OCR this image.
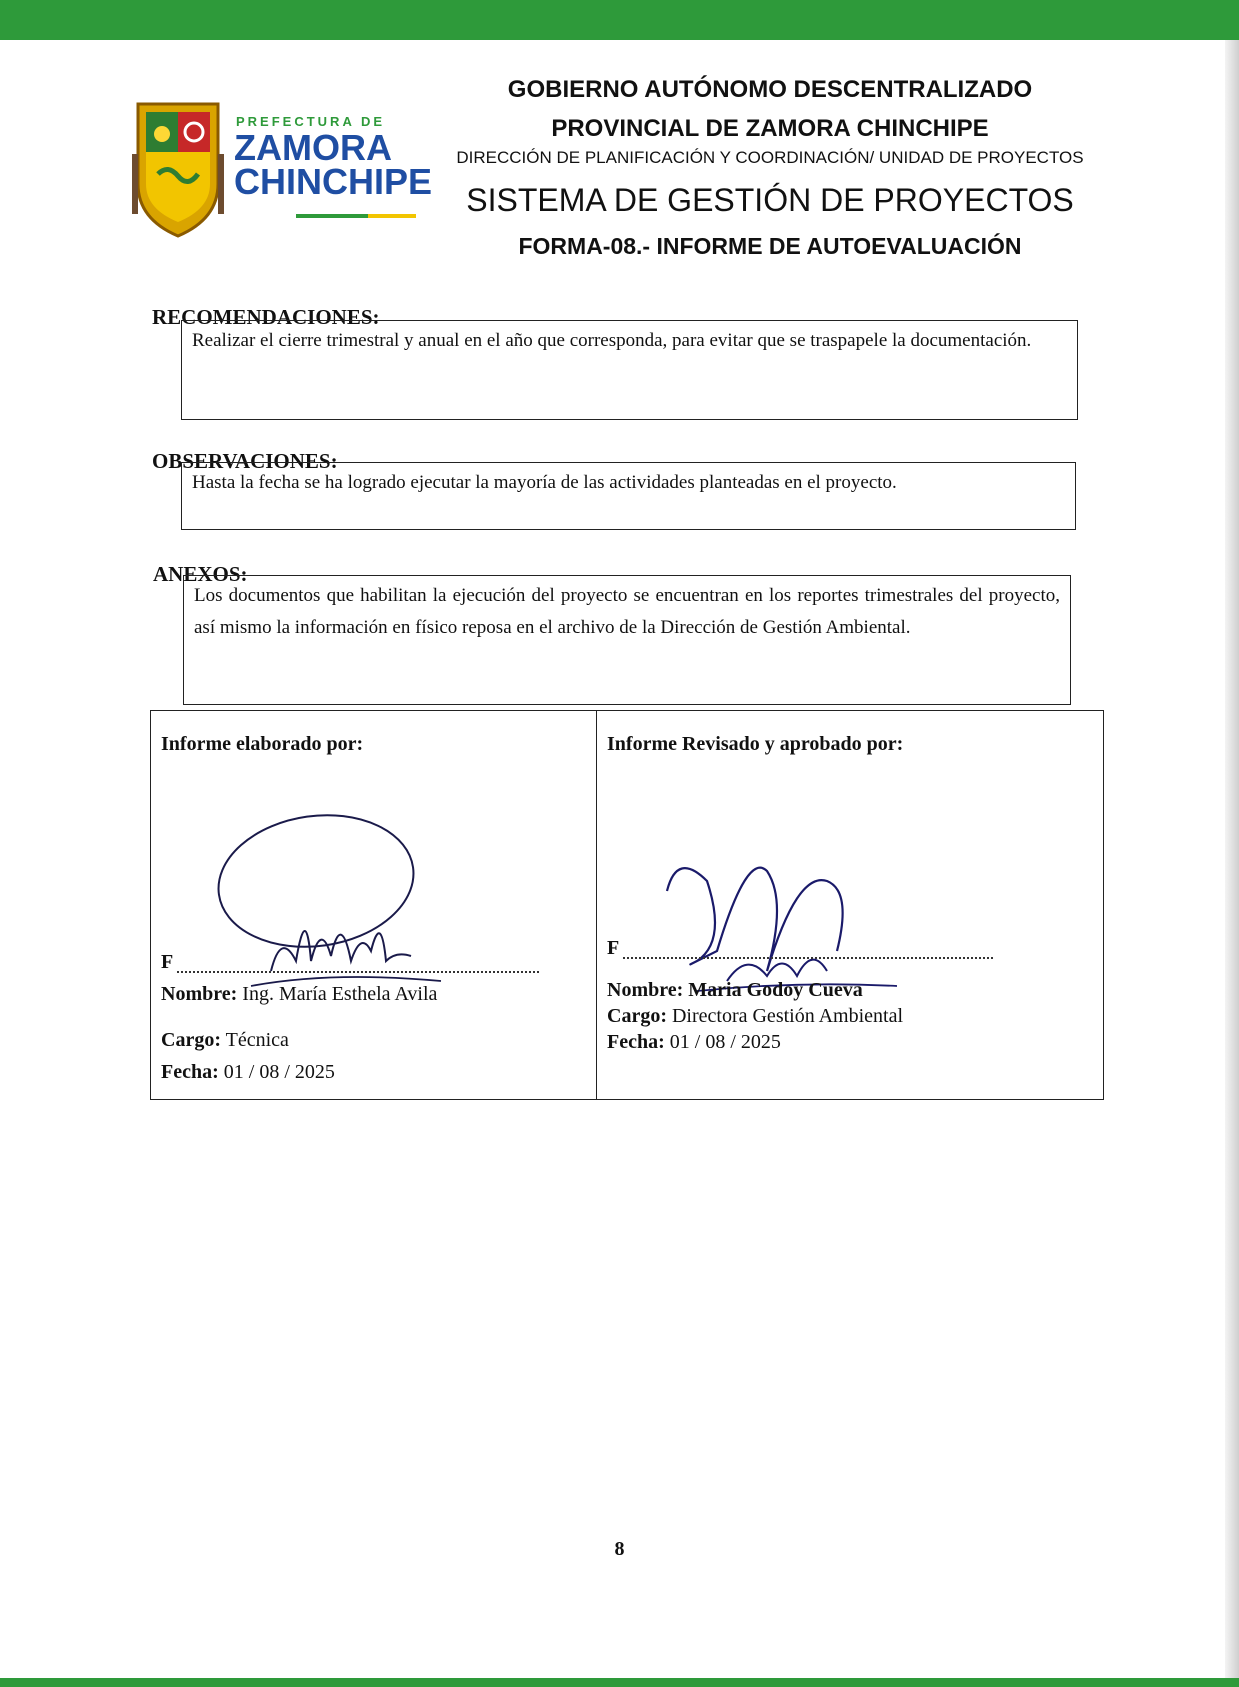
PREFECTURA DE
ZAMORA
CHINCHIPE
GOBIERNO AUTÓNOMO DESCENTRALIZADO
PROVINCIAL DE ZAMORA CHINCHIPE
DIRECCIÓN DE PLANIFICACIÓN Y COORDINACIÓN/ UNIDAD DE PROYECTOS
SISTEMA DE GESTIÓN DE PROYECTOS
FORMA-08.- INFORME DE AUTOEVALUACIÓN
RECOMENDACIONES:
Realizar el cierre trimestral y anual en el año que corresponda, para evitar que se traspapele la documentación.
OBSERVACIONES:
Hasta la fecha se ha logrado ejecutar la mayoría de las actividades planteadas en el proyecto.
ANEXOS:
Los documentos que habilitan la ejecución del proyecto se encuentran en los reportes trimestrales del proyecto, así mismo la información en físico reposa en el archivo de la Dirección de Gestión Ambiental.
Informe elaborado por:
F
Nombre: Ing. María Esthela Avila
Cargo: Técnica
Fecha: 01 / 08 / 2025
Informe Revisado y aprobado por:
F
Nombre: Maria Godoy Cueva
Cargo: Directora Gestión Ambiental
Fecha: 01 / 08 / 2025
8
